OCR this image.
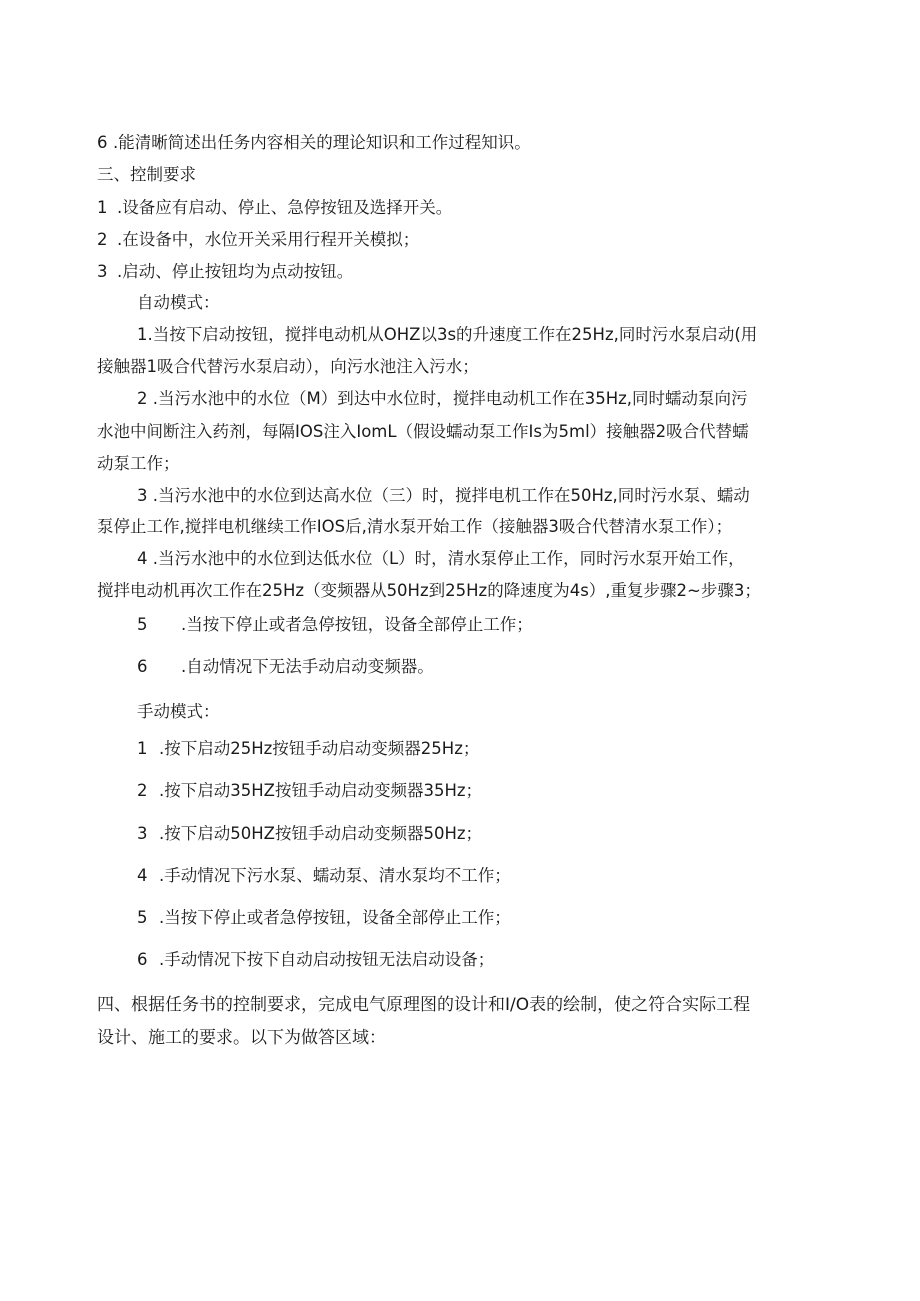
6 .能清晰简述出任务内容相关的理论知识和工作过程知识。
三、控制要求
1 .设备应有启动、停止、急停按钮及选择开关。
2 .在设备中，水位开关采用行程开关模拟；
3 .启动、停止按钮均为点动按钮。
自动模式：
1.当按下启动按钮，搅拌电动机从OHZ以3s的升速度工作在25Hz,同时污水泵启动(用
接触器1吸合代替污水泵启动），向污水池注入污水；
2 .当污水池中的水位（M）到达中水位时，搅拌电动机工作在35Hz,同时蠕动泵向污
水池中间断注入药剂，每隔IOS注入IomL（假设蠕动泵工作Is为5ml）接触器2吸合代替蠕
动泵工作；
3 .当污水池中的水位到达高水位（三）时，搅拌电机工作在50Hz,同时污水泵、蠕动
泵停止工作,搅拌电机继续工作IOS后,清水泵开始工作（接触器3吸合代替清水泵工作）；
4 .当污水池中的水位到达低水位（L）时，清水泵停止工作，同时污水泵开始工作，
搅拌电动机再次工作在25Hz（变频器从50Hz到25Hz的降速度为4s）,重复步骤2~步骤3；
5 .当按下停止或者急停按钮，设备全部停止工作；
6 .自动情况下无法手动启动变频器。
手动模式：
1 .按下启动25Hz按钮手动启动变频器25Hz；
2 .按下启动35HZ按钮手动启动变频器35Hz；
3 .按下启动50HZ按钮手动启动变频器50Hz；
4 .手动情况下污水泵、蠕动泵、清水泵均不工作；
5 .当按下停止或者急停按钮，设备全部停止工作；
6 .手动情况下按下自动启动按钮无法启动设备；
四、根据任务书的控制要求，完成电气原理图的设计和I/O表的绘制，使之符合实际工程
设计、施工的要求。以下为做答区域：
